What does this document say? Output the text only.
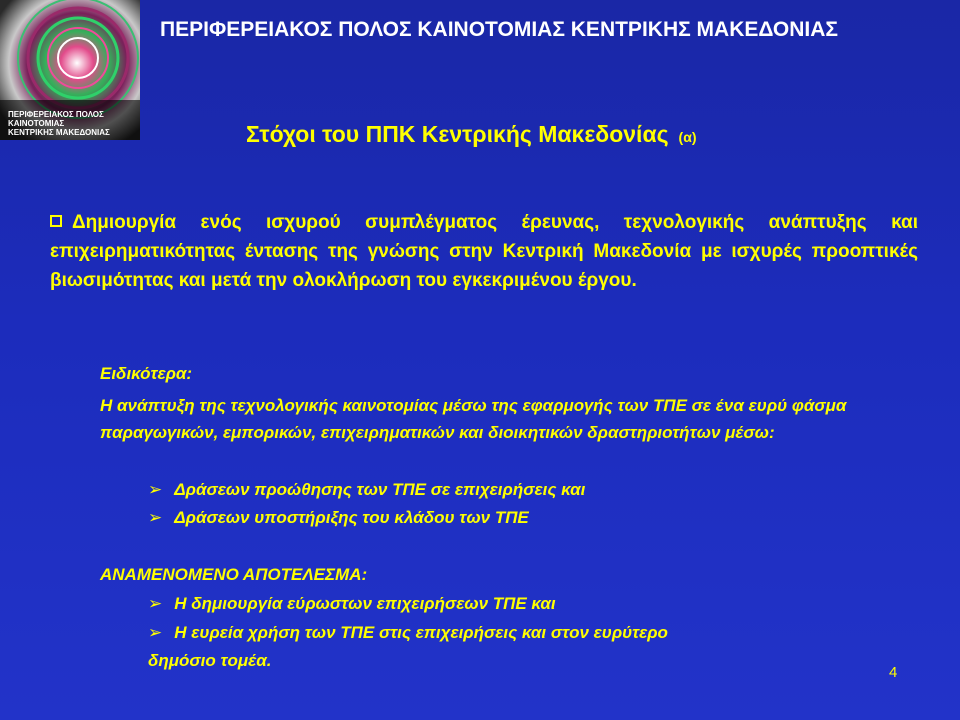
ΠΕΡΙΦΕΡΕΙΑΚΟΣ ΠΟΛΟΣ
ΚΑΙΝΟΤΟΜΙΑΣ
ΚΕΝΤΡΙΚΗΣ ΜΑΚΕΔΟΝΙΑΣ
ΠΕΡΙΦΕΡΕΙΑΚΟΣ ΠΟΛΟΣ ΚΑΙΝΟΤΟΜΙΑΣ ΚΕΝΤΡΙΚΗΣ ΜΑΚΕΔΟΝΙΑΣ
Στόχοι του ΠΠΚ Κεντρικής Μακεδονίας (α)
Δημιουργία ενός ισχυρού συμπλέγματος έρευνας, τεχνολογικής ανάπτυξης και επιχειρηματικότητας έντασης της γνώσης στην Κεντρική Μακεδονία με ισχυρές προοπτικές βιωσιμότητας και μετά την ολοκλήρωση του εγκεκριμένου έργου.
Ειδικότερα:
Η ανάπτυξη της τεχνολογικής καινοτομίας μέσω της εφαρμογής των ΤΠΕ σε ένα ευρύ φάσμα παραγωγικών, εμπορικών, επιχειρηματικών και διοικητικών δραστηριοτήτων μέσω:
➢ Δράσεων προώθησης των ΤΠΕ σε επιχειρήσεις και
➢ Δράσεων υποστήριξης του κλάδου των ΤΠΕ
ΑΝΑΜΕΝΟΜΕΝΟ ΑΠΟΤΕΛΕΣΜΑ:
➢ Η δημιουργία εύρωστων επιχειρήσεων ΤΠΕ και
➢ Η ευρεία χρήση των ΤΠΕ στις επιχειρήσεις και στον ευρύτερο
δημόσιο τομέα.
4
